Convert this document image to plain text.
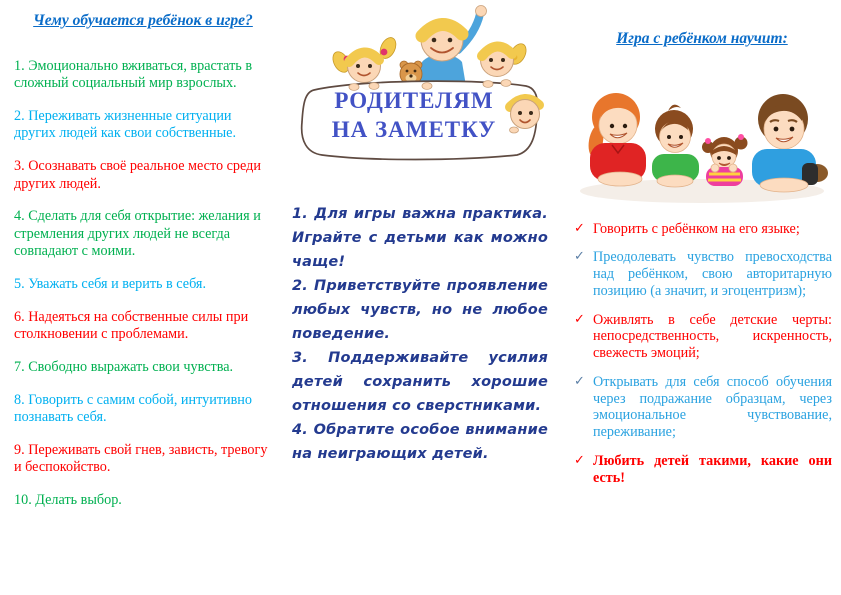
Чему обучается ребёнок в игре?
1. Эмоционально вживаться, врастать в сложный социальный мир взрослых.
2. Переживать жизненные ситуации других людей как свои собственные.
3. Осознавать своё реальное место среди других людей.
4. Сделать для себя открытие: желания и стремления других людей не всегда совпадают с моими.
5. Уважать себя и верить в себя.
6. Надеяться на собственные силы при столкновении с проблемами.
7. Свободно выражать свои чувства.
8. Говорить с самим собой, интуитивно познавать себя.
9. Переживать свой гнев, зависть, тревогу и беспокойство.
10. Делать выбор.
РОДИТЕЛЯМ
НА ЗАМЕТКУ

1. Для игры важна практика. Играйте с детьми как можно чаще!

2. Приветствуйте проявление любых чувств, но не любое поведение.

3. Поддерживайте усилия детей сохранить хорошие отношения со сверстниками.

4. Обратите особое внимание на неиграющих детей.

Игра с ребёнком научит:
✓ Говорить с ребёнком на его языке;
✓ Преодолевать чувство превосходства над ребёнком, свою авторитарную позицию (а значит, и эгоцентризм);
✓ Оживлять в себе детские черты: непосредственность, искренность, свежесть эмоций;
✓ Открывать для себя способ обучения через подражание образцам, через эмоциональное чувствование, переживание;
✓ Любить детей такими, какие они есть!
